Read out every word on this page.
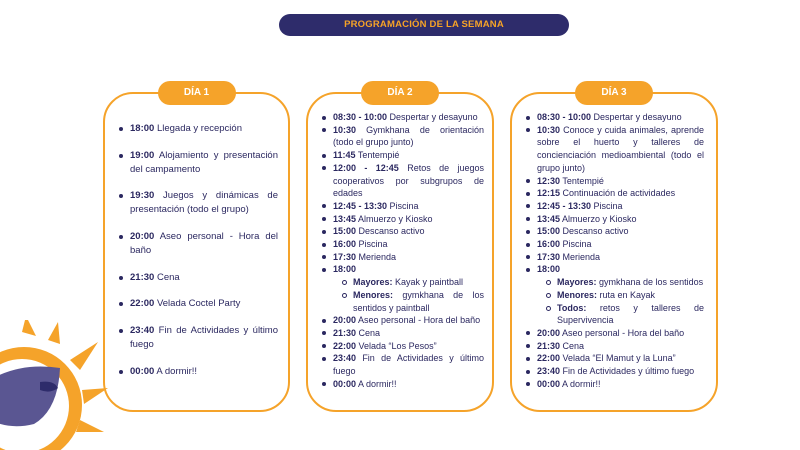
PROGRAMACIÓN DE LA SEMANA
DÍA 1
18:00 Llegada y recepción
19:00 Alojamiento y presentación del campamento
19:30 Juegos y dinámicas de presentación (todo el grupo)
20:00 Aseo personal - Hora del baño
21:30 Cena
22:00 Velada Coctel Party
23:40 Fin de Actividades y último fuego
00:00 A dormir!!
DÍA 2
08:30 - 10:00 Despertar y desayuno
10:30 Gymkhana de orientación (todo el grupo junto)
11:45 Tentempié
12:00 - 12:45 Retos de juegos cooperativos por subgrupos de edades
12:45 - 13:30 Piscina
13:45 Almuerzo y Kiosko
15:00 Descanso activo
16:00 Piscina
17:30 Merienda
18:00
Mayores: Kayak y paintball
Menores: gymkhana de los sentidos y paintball
20:00 Aseo personal - Hora del baño
21:30 Cena
22:00 Velada “Los Pesos”
23:40 Fin de Actividades y último fuego
00:00 A dormir!!
DÍA 3
08:30 - 10:00 Despertar y desayuno
10:30 Conoce y cuida animales, aprende sobre el huerto y talleres de concienciación medioambiental (todo el grupo junto)
12:30 Tentempié
12:15 Continuación de actividades
12:45 - 13:30 Piscina
13:45 Almuerzo y Kiosko
15:00 Descanso activo
16:00 Piscina
17:30 Merienda
18:00
Mayores: gymkhana de los sentidos
Menores: ruta en Kayak
Todos: retos y talleres de Supervivencia
20:00 Aseo personal - Hora del baño
21:30 Cena
22:00 Velada “El Mamut y la Luna”
23:40 Fin de Actividades y último fuego
00:00 A dormir!!
